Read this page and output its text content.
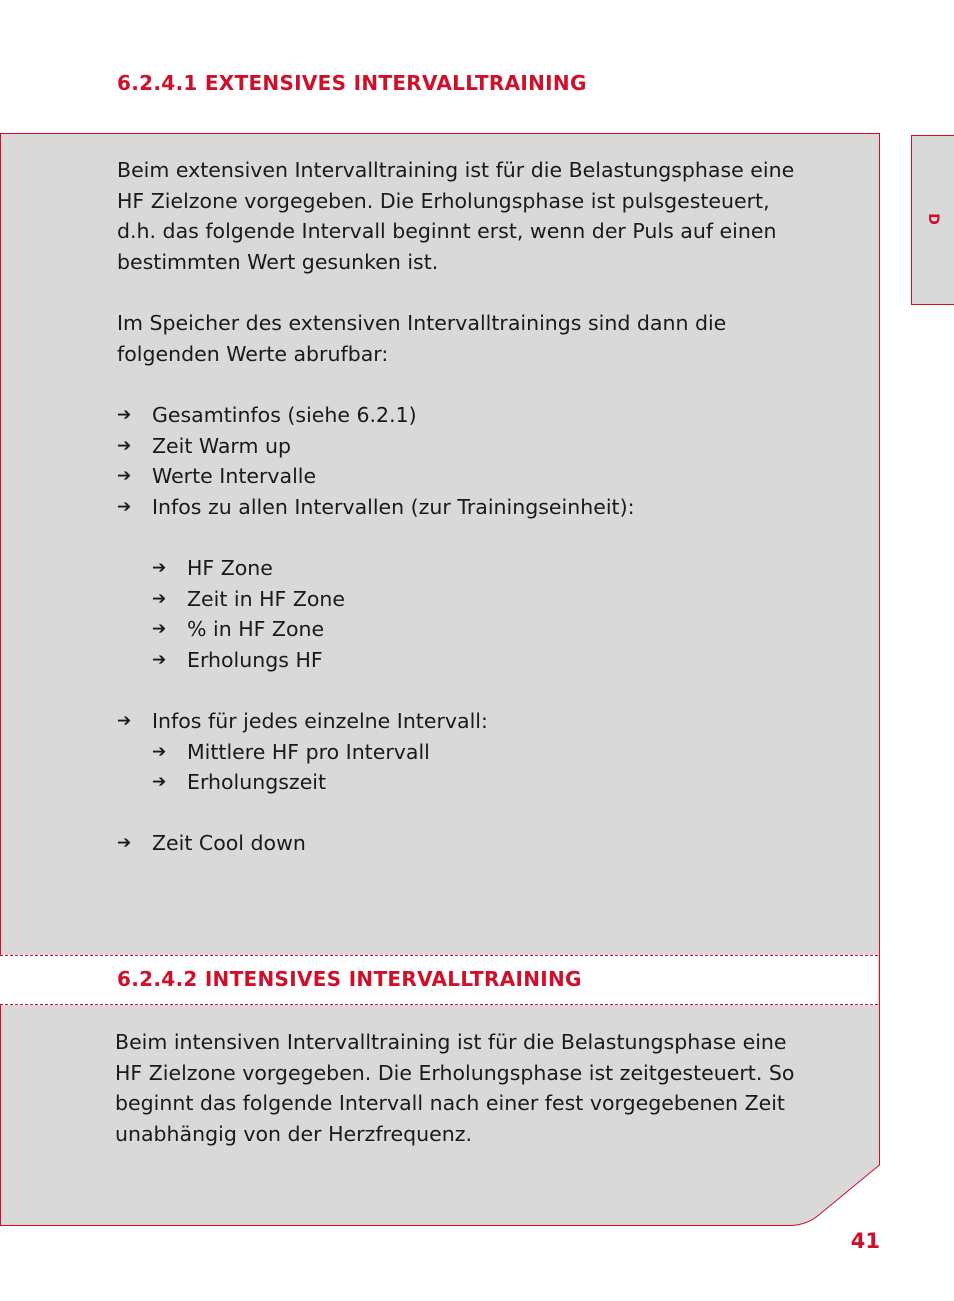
6.2.4.1 EXTENSIVES INTERVALLTRAINING

Beim extensiven Intervalltraining ist für die Belastungsphase eine
HF Zielzone vorgegeben. Die Erholungsphase ist pulsgesteuert,
d.h. das folgende Intervall beginnt erst, wenn der Puls auf einen
bestimmten Wert gesunken ist.

Im Speicher des extensiven Intervalltrainings sind dann die
folgenden Werte abrufbar:

➔	Gesamtinfos (siehe 6.2.1)
➔	Zeit Warm up
➔	Werte Intervalle
➔	Infos zu allen Intervallen (zur Trainingseinheit):
➔	HF Zone
➔	Zeit in HF Zone
➔	% in HF Zone
➔	Erholungs HF
➔	Infos für jedes einzelne Intervall:
➔	Mittlere HF pro Intervall
➔	Erholungszeit
➔	Zeit Cool down
6.2.4.2 INTENSIVES INTERVALLTRAINING

Beim intensiven Intervalltraining ist für die Belastungsphase eine
HF Zielzone vorgegeben. Die Erholungsphase ist zeitgesteuert. So
beginnt das folgende Intervall nach einer fest vorgegebenen Zeit
unabhängig von der Herzfrequenz.

D
41
